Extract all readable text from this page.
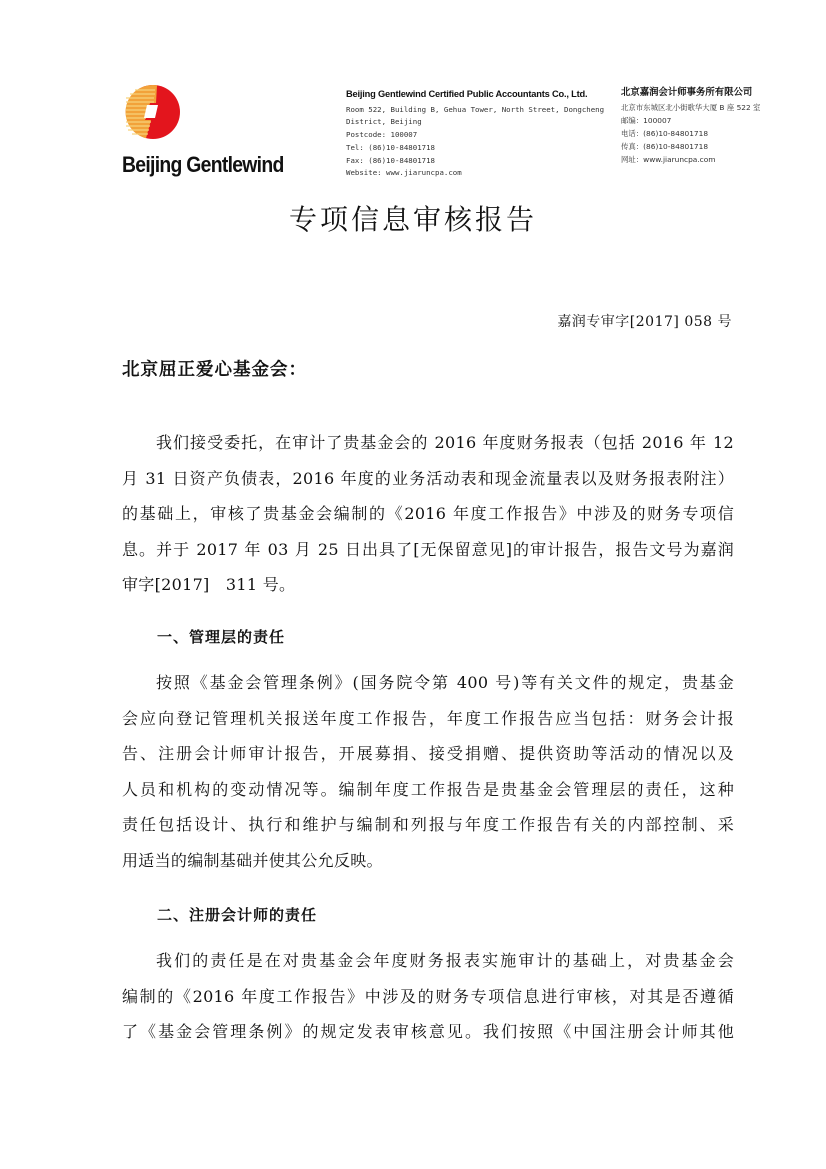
Beijing Gentlewind
Beijing Gentlewind Certified Public Accountants Co., Ltd.
Room 522, Building B, Gehua Tower, North Street, Dongcheng
District, Beijing
Postcode: 100007
Tel: (86)10-84801718
Fax: (86)10-84801718
Website: www.jiaruncpa.com
北京嘉润会计师事务所有限公司
北京市东城区北小街歌华大厦 B 座 522 室
邮编：100007
电话：(86)10-84801718
传真：(86)10-84801718
网址：www.jiaruncpa.com
专项信息审核报告
嘉润专审字[2017] 058 号
北京屈正爱心基金会：
我们接受委托，在审计了贵基金会的 2016 年度财务报表（包括 2016 年 12
月 31 日资产负债表，2016 年度的业务活动表和现金流量表以及财务报表附注）
的基础上，审核了贵基金会编制的《2016 年度工作报告》中涉及的财务专项信
息。并于 2017 年 03 月 25 日出具了[无保留意见]的审计报告，报告文号为嘉润
审字[2017]　311 号。
一、管理层的责任
按照《基金会管理条例》(国务院令第 400 号)等有关文件的规定，贵基金
会应向登记管理机关报送年度工作报告，年度工作报告应当包括：财务会计报
告、注册会计师审计报告，开展募捐、接受捐赠、提供资助等活动的情况以及
人员和机构的变动情况等。编制年度工作报告是贵基金会管理层的责任，这种
责任包括设计、执行和维护与编制和列报与年度工作报告有关的内部控制、采
用适当的编制基础并使其公允反映。
二、注册会计师的责任
我们的责任是在对贵基金会年度财务报表实施审计的基础上，对贵基金会
编制的《2016 年度工作报告》中涉及的财务专项信息进行审核，对其是否遵循
了《基金会管理条例》的规定发表审核意见。我们按照《中国注册会计师其他
